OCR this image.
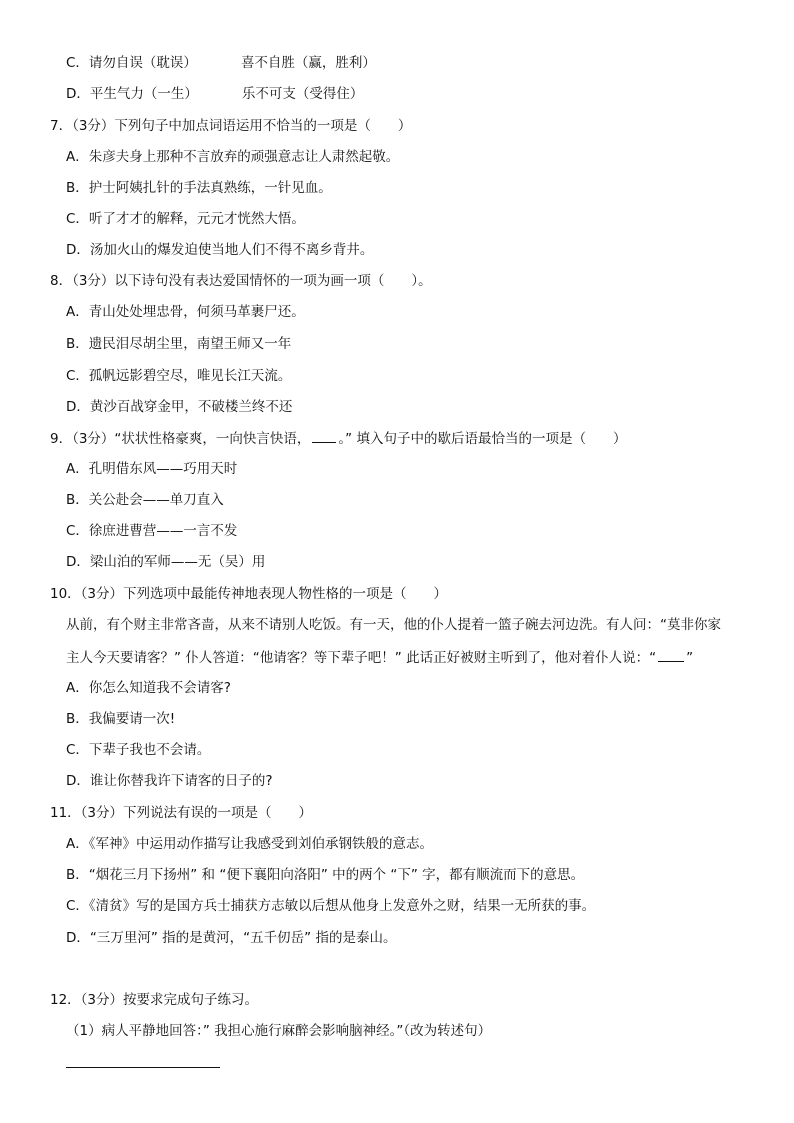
C．请勿自误（耽误）	喜不自胜（赢，胜利）
D．平生气力（一生）	乐不可支（受得住）
7．（3分）下列句子中加点词语运用不恰当的一项是（　　）
A．朱彦夫身上那种不言放弃的顽强意志让人肃然起敬。
B．护士阿姨扎针的手法真熟练，一针见血。
C．听了才才的解释，元元才恍然大悟。
D．汤加火山的爆发迫使当地人们不得不离乡背井。
8．（3分）以下诗句没有表达爱国情怀的一项为画一项（　　）。
A．青山处处埋忠骨，何须马革裹尸还。
B．遗民泪尽胡尘里，南望王师又一年
C．孤帆远影碧空尽，唯见长江天流。
D．黄沙百战穿金甲，不破楼兰终不还
9．（3分）“状状性格豪爽，一向快言快语， 。” 填入句子中的歇后语最恰当的一项是（　　）
A．孔明借东风——巧用天时
B．关公赴会——单刀直入
C．徐庶进曹营——一言不发
D．梁山泊的军师——无（吴）用
10．（3分）下列选项中最能传神地表现人物性格的一项是（　　）
从前，有个财主非常吝啬，从来不请别人吃饭。有一天，他的仆人提着一篮子碗去河边洗。有人问：“莫非你家
主人今天要请客？” 仆人答道：“他请客？等下辈子吧！” 此话正好被财主听到了，他对着仆人说：“ ”
A．你怎么知道我不会请客?
B．我偏要请一次!
C．下辈子我也不会请。
D．谁让你替我许下请客的日子的?
11．（3分）下列说法有误的一项是（　　）
A．《军神》中运用动作描写让我感受到刘伯承钢铁般的意志。
B．“烟花三月下扬州” 和 “便下襄阳向洛阳” 中的两个 “下” 字，都有顺流而下的意思。
C．《清贫》写的是国方兵士捕获方志敏以后想从他身上发意外之财，结果一无所获的事。
D．“三万里河” 指的是黄河，“五千仞岳” 指的是泰山。
12．（3分）按要求完成句子练习。
（1）病人平静地回答：” 我担心施行麻醉会影响脑神经。”（改为转述句）
